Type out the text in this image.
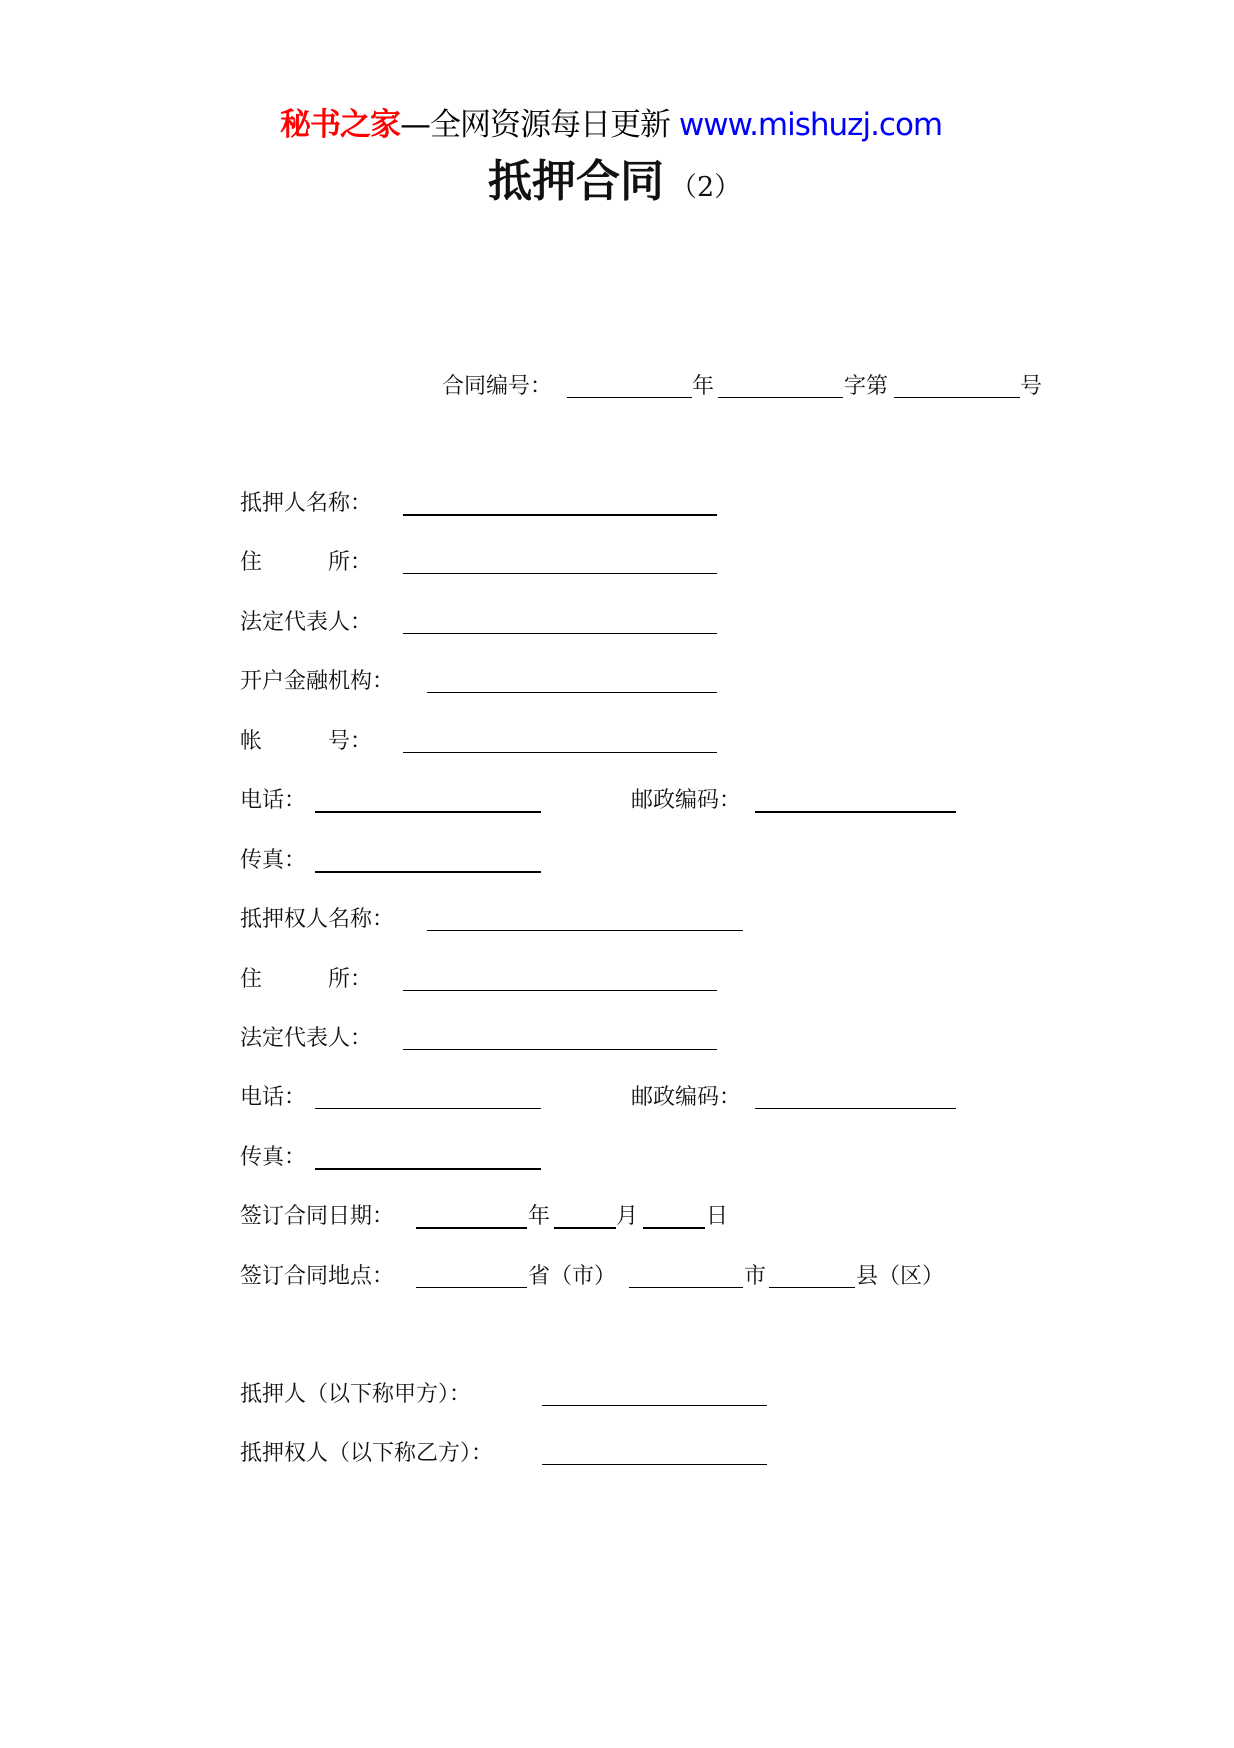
秘书之家—全网资源每日更新 www.mishuzj.com
抵押合同 （2）
合同编号：	年	字第	号
抵押人名称：
住　　　所：
法定代表人：
开户金融机构：
帐　　　号：
电话：	邮政编码：
传真：
抵押权人名称：
住　　　所：
法定代表人：
电话：	邮政编码：
传真：
签订合同日期：	年	月	日
签订合同地点：	省（市）	市	县（区）
抵押人（以下称甲方）：
抵押权人（以下称乙方）：
